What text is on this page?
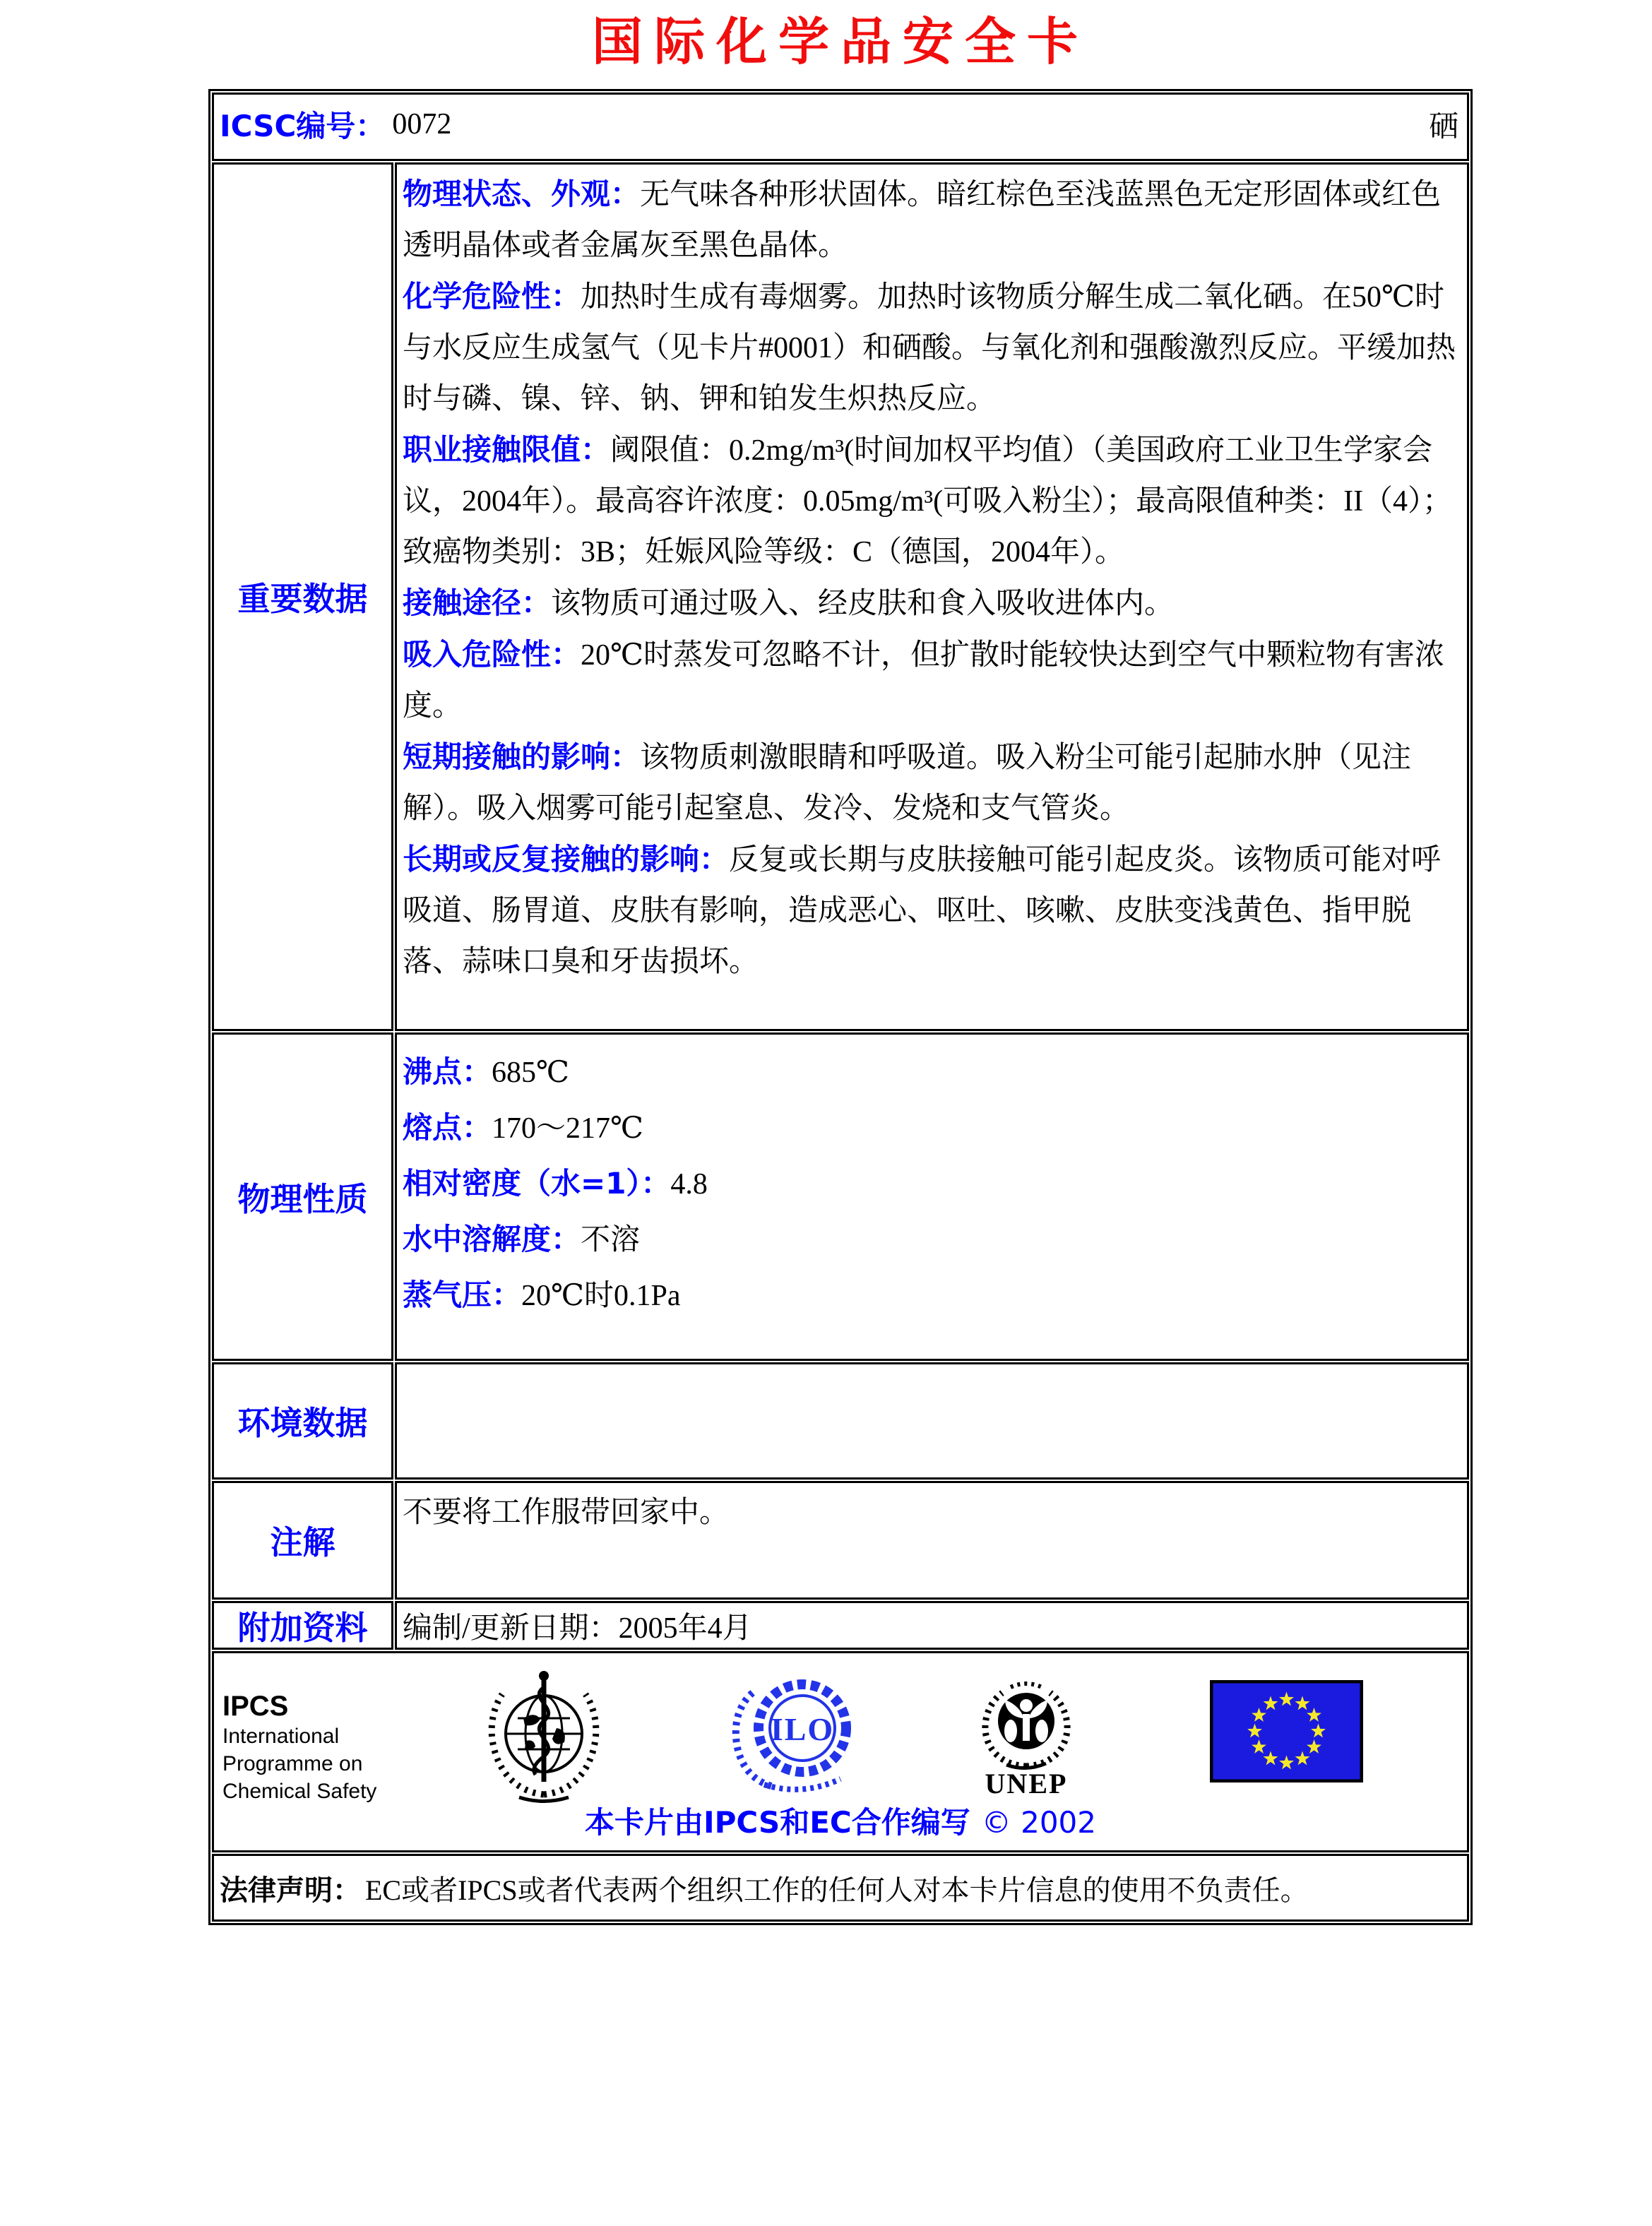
国际化学品安全卡
ICSC编号： 0072	硒
重要数据

物理状态、外观：无气味各种形状固体。暗红棕色至浅蓝黑色无定形固体或红色透明晶体或者金属灰至黑色晶体。

化学危险性：加热时生成有毒烟雾。加热时该物质分解生成二氧化硒。在50℃时与水反应生成氢气（见卡片#0001）和硒酸。与氧化剂和强酸激烈反应。平缓加热时与磷、镍、锌、钠、钾和铂发生炽热反应。

职业接触限值：阈限值：0.2mg/m³(时间加权平均值）（美国政府工业卫生学家会议，2004年）。最高容许浓度：0.05mg/m³(可吸入粉尘）；最高限值种类：II（4）；致癌物类别：3B；妊娠风险等级：C（德国，2004年）。

接触途径：该物质可通过吸入、经皮肤和食入吸收进体内。

吸入危险性：20℃时蒸发可忽略不计，但扩散时能较快达到空气中颗粒物有害浓度。

短期接触的影响：该物质刺激眼睛和呼吸道。吸入粉尘可能引起肺水肿（见注解）。吸入烟雾可能引起窒息、发冷、发烧和支气管炎。

长期或反复接触的影响：反复或长期与皮肤接触可能引起皮炎。该物质可能对呼吸道、肠胃道、皮肤有影响，造成恶心、呕吐、咳嗽、皮肤变浅黄色、指甲脱落、蒜味口臭和牙齿损坏。

物理性质

沸点：685℃

熔点：170～217℃

相对密度（水=1）：4.8

水中溶解度：不溶

蒸气压：20℃时0.1Pa

环境数据
注解

不要将工作服带回家中。

附加资料	编制/更新日期：2005年4月
IPCS
International
Programme on
Chemical Safety
ILO
UNEP
本卡片由IPCS和EC合作编写 © 2002
法律声明： EC或者IPCS或者代表两个组织工作的任何人对本卡片信息的使用不负责任。
